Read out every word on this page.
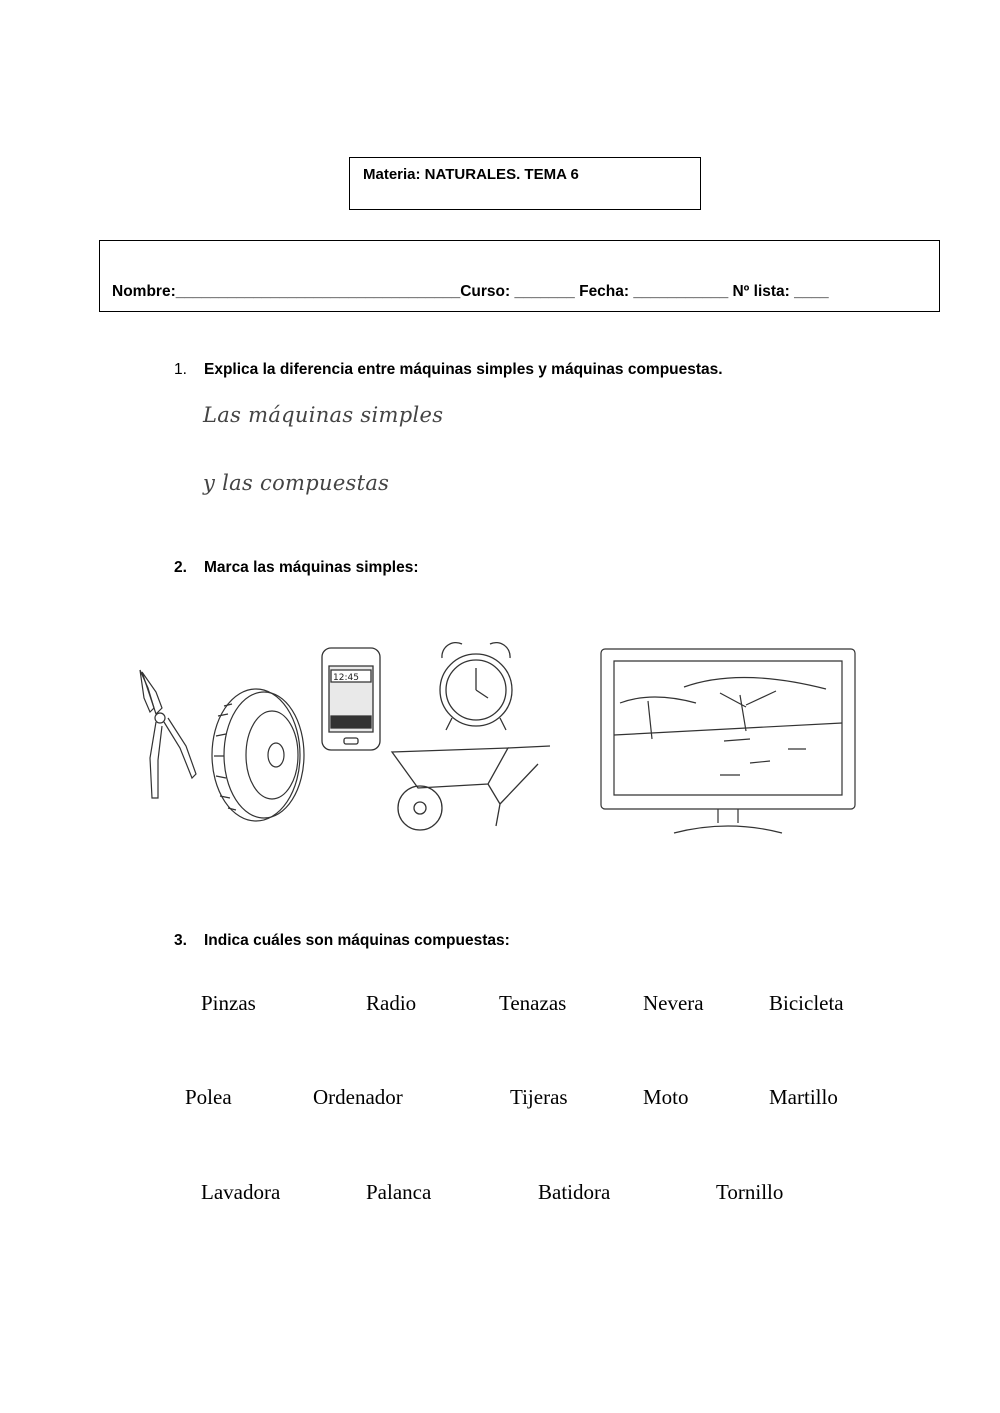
Materia: NATURALES. TEMA 6
Nombre:_________________________________Curso: _______ Fecha: ___________ Nº lista: ____
1. Explica la diferencia entre máquinas simples y máquinas compuestas.
Las máquinas simples
y las compuestas
2. Marca las máquinas simples:
12:45
3. Indica cuáles son máquinas compuestas:
Pinzas	Radio	Tenazas	Nevera	Bicicleta
Polea	Ordenador	Tijeras	Moto	Martillo
Lavadora	Palanca	Batidora	Tornillo
